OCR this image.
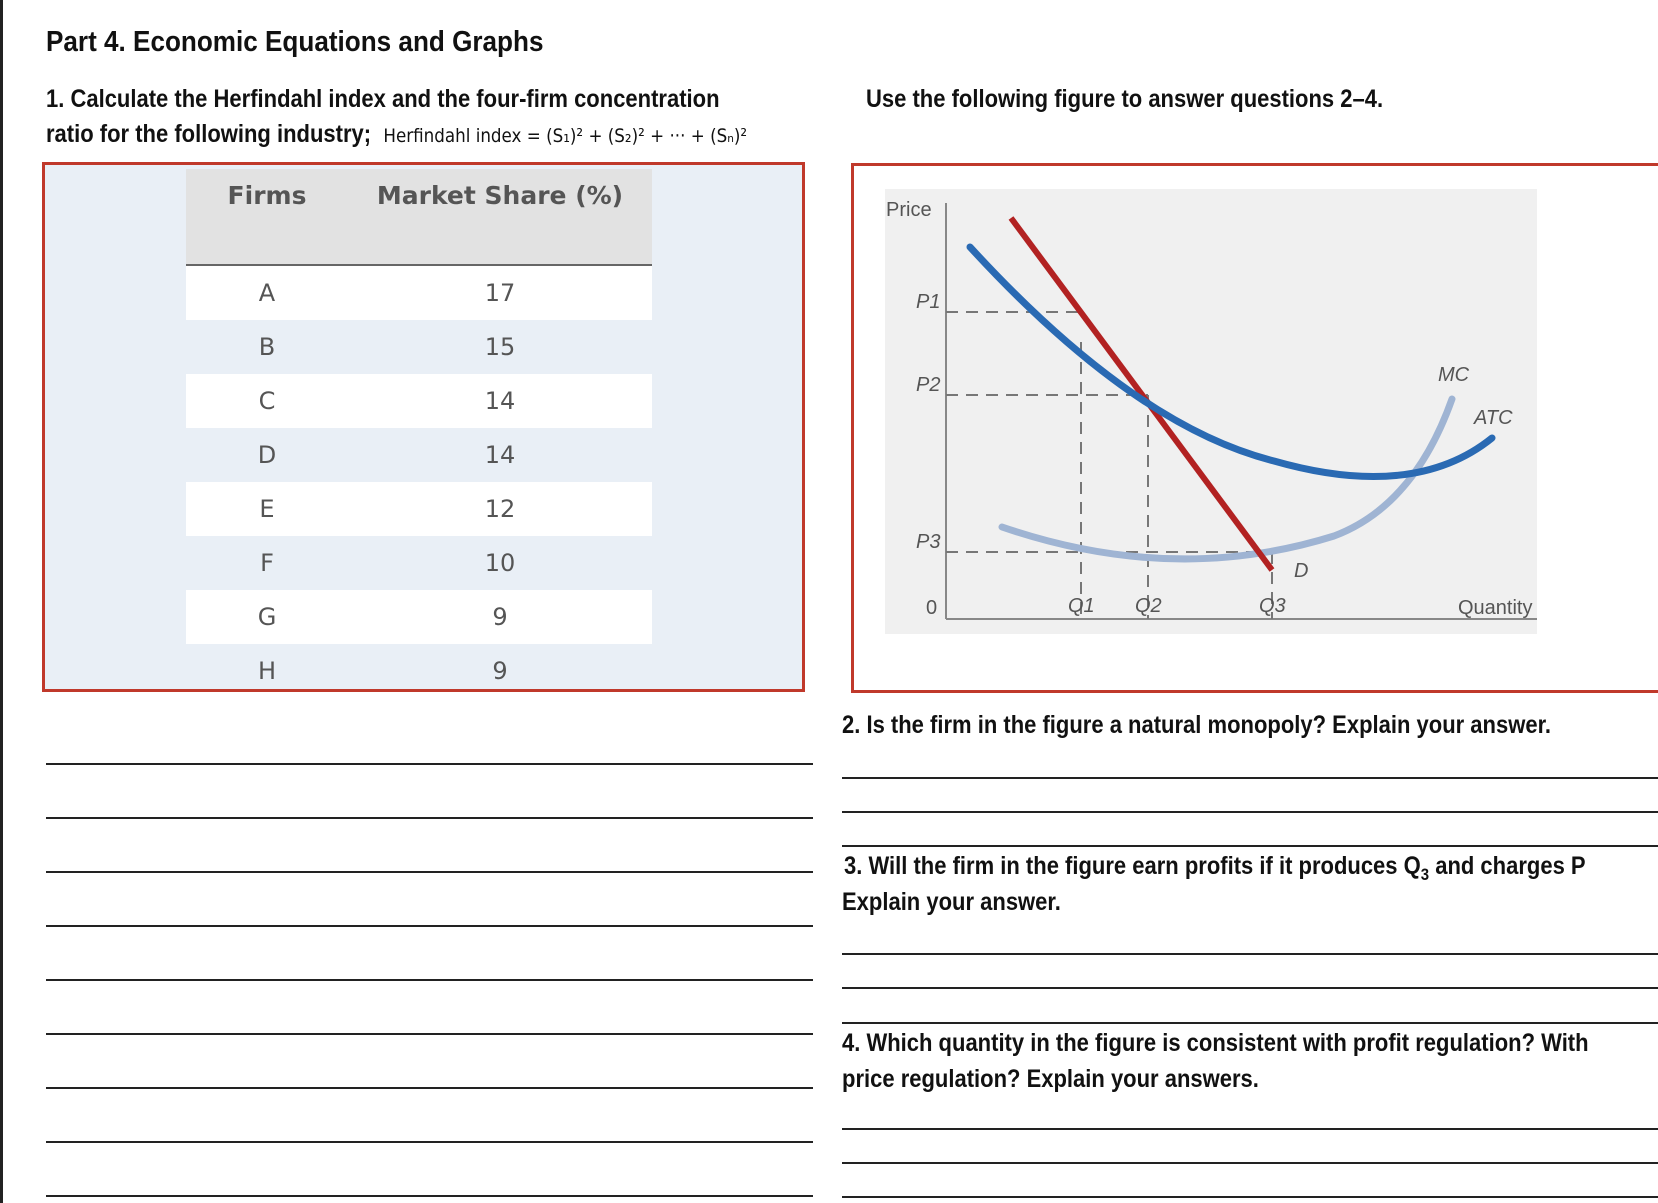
Part 4. Economic Equations and Graphs
1. Calculate the Herfindahl index and the four-firm concentration
ratio for the following industry; Herfindahl index = (S₁)² + (S₂)² + ··· + (Sₙ)²
Use the following figure to answer questions 2–4.
Firms	Market Share (%)
A	17
B	15
C	14
D	14
E	12
F	10
G	9
H	9
Price
Quantity
0
P1
P2
P3
Q1 Q2	Q3
D
ATC
MC
2. Is the firm in the figure a natural monopoly? Explain your answer.
3. Will the firm in the figure earn profits if it produces $Q_3$ and charges P
Explain your answer.
4. Which quantity in the figure is consistent with profit regulation? With
price regulation? Explain your answers.
